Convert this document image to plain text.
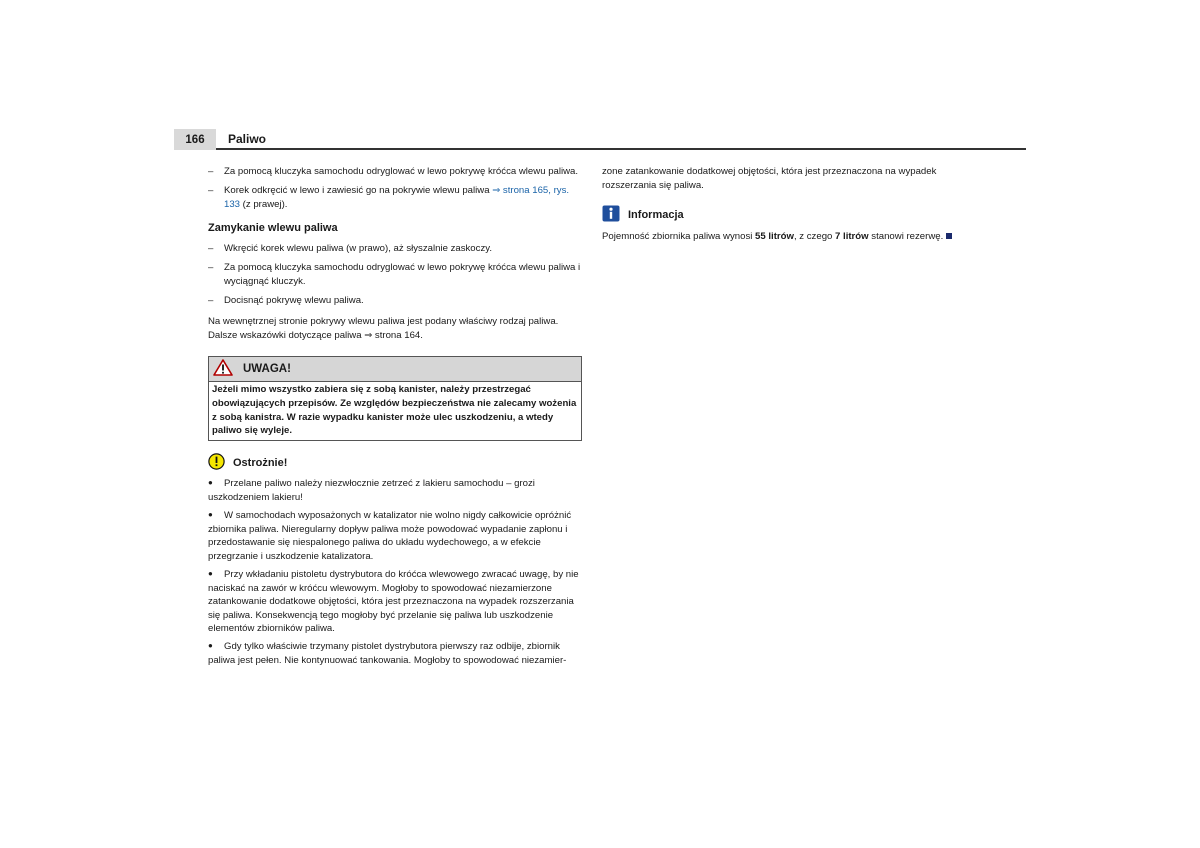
166	Paliwo
– Za pomocą kluczyka samochodu odryglować w lewo pokrywę króćca wlewu paliwa.
– Korek odkręcić w lewo i zawiesić go na pokrywie wlewu paliwa ⇒ strona 165, rys. 133 (z prawej).
Zamykanie wlewu paliwa
– Wkręcić korek wlewu paliwa (w prawo), aż słyszalnie zaskoczy.
– Za pomocą kluczyka samochodu odryglować w lewo pokrywę króćca wlewu paliwa i wyciągnąć kluczyk.
– Docisnąć pokrywę wlewu paliwa.
Na wewnętrznej stronie pokrywy wlewu paliwa jest podany właściwy rodzaj paliwa.
Dalsze wskazówki dotyczące paliwa ⇒ strona 164.
UWAGA!
Jeżeli mimo wszystko zabiera się z sobą kanister, należy przestrzegać obowiązujących przepisów. Ze względów bezpieczeństwa nie zalecamy wożenia z sobą kanistra. W razie wypadku kanister może ulec uszkodzeniu, a wtedy paliwo się wyleje.
Ostrożnie!
● Przelane paliwo należy niezwłocznie zetrzeć z lakieru samochodu – grozi uszkodzeniem lakieru!
● W samochodach wyposażonych w katalizator nie wolno nigdy całkowicie opróżnić zbiornika paliwa. Nieregularny dopływ paliwa może powodować wypadanie zapłonu i przedostawanie się niespalonego paliwa do układu wydechowego, a w efekcie przegrzanie i uszkodzenie katalizatora.
● Przy wkładaniu pistoletu dystrybutora do króćca wlewowego zwracać uwagę, by nie naciskać na zawór w króćcu wlewowym. Mogłoby to spowodować niezamierzone zatankowanie dodatkowe objętości, która jest przeznaczona na wypadek rozszerzania się paliwa. Konsekwencją tego mogłoby być przelanie się paliwa lub uszkodzenie elementów zbiorników paliwa.
● Gdy tylko właściwie trzymany pistolet dystrybutora pierwszy raz odbije, zbiornik paliwa jest pełen. Nie kontynuować tankowania. Mogłoby to spowodować niezamier-
zone zatankowanie dodatkowej objętości, która jest przeznaczona na wypadek rozszerzania się paliwa.
Informacja
Pojemność zbiornika paliwa wynosi 55 litrów, z czego 7 litrów stanowi rezerwę.
